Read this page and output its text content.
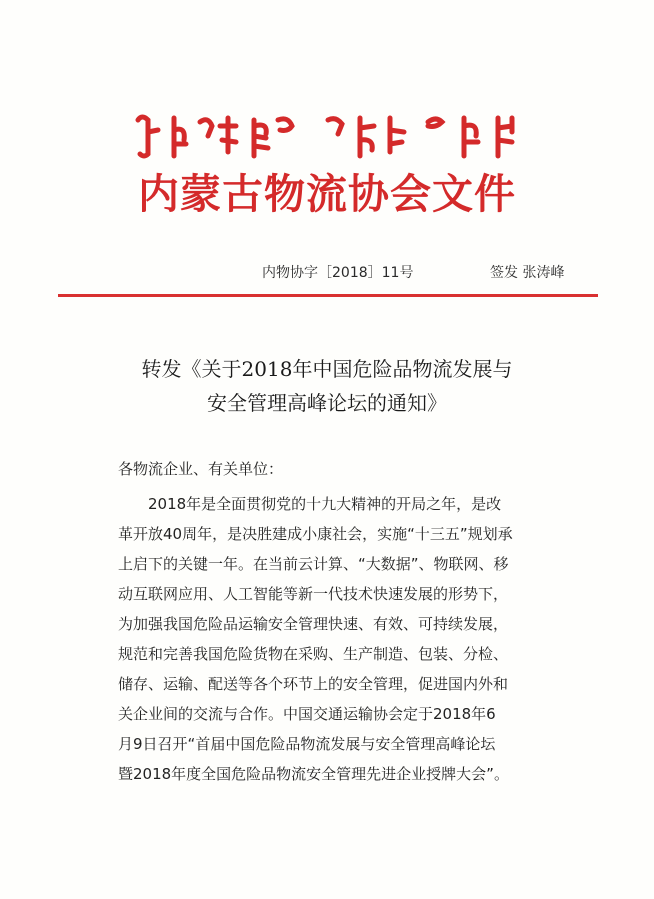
内蒙古物流协会文件
内物协字［2018］11号	签发 张涛峰
转发《关于2018年中国危险品物流发展与
安全管理高峰论坛的通知》
各物流企业、有关单位：
2018年是全面贯彻党的十九大精神的开局之年，是改
革开放40周年，是决胜建成小康社会，实施“十三五”规划承
上启下的关键一年。在当前云计算、“大数据”、物联网、移
动互联网应用、人工智能等新一代技术快速发展的形势下，
为加强我国危险品运输安全管理快速、有效、可持续发展，
规范和完善我国危险货物在采购、生产制造、包装、分检、
储存、运输、配送等各个环节上的安全管理，促进国内外和
关企业间的交流与合作。中国交通运输协会定于2018年6
月9日召开“首届中国危险品物流发展与安全管理高峰论坛
暨2018年度全国危险品物流安全管理先进企业授牌大会”。
